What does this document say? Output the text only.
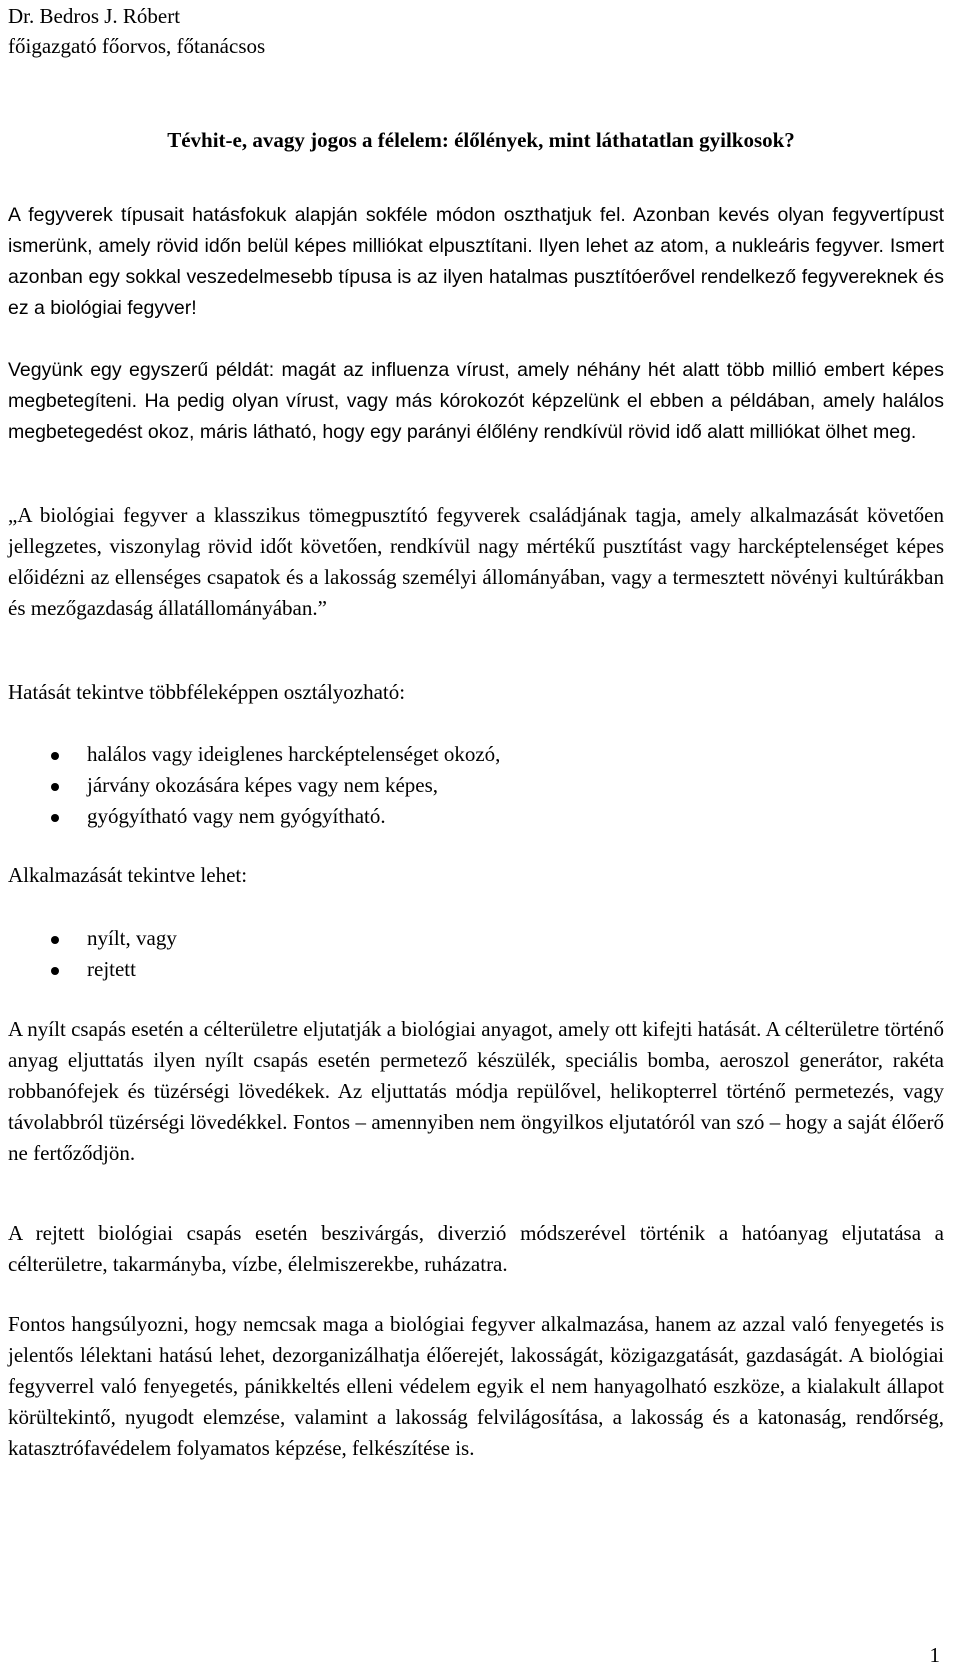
Dr. Bedros J. Róbert
főigazgató főorvos, főtanácsos
Tévhit-e, avagy jogos a félelem: élőlények, mint láthatatlan gyilkosok?

A fegyverek típusait hatásfokuk alapján sokféle módon oszthatjuk fel. Azonban kevés olyan fegyvertípust ismerünk, amely rövid időn belül képes milliókat elpusztítani. Ilyen lehet az atom, a nukleáris fegyver. Ismert azonban egy sokkal veszedelmesebb típusa is az ilyen hatalmas pusztítóerővel rendelkező fegyvereknek és ez a biológiai fegyver!

Vegyünk egy egyszerű példát: magát az influenza vírust, amely néhány hét alatt több millió embert képes megbetegíteni. Ha pedig olyan vírust, vagy más kórokozót képzelünk el ebben a példában, amely halálos megbetegedést okoz, máris látható, hogy egy parányi élőlény rendkívül rövid idő alatt milliókat ölhet meg.

„A biológiai fegyver a klasszikus tömegpusztító fegyverek családjának tagja, amely alkalmazását követően jellegzetes, viszonylag rövid időt követően, rendkívül nagy mértékű pusztítást vagy harcképtelenséget képes előidézni az ellenséges csapatok és a lakosság személyi állományában, vagy a termesztett növényi kultúrákban és mezőgazdaság állatállományában.”

Hatását tekintve többféleképpen osztályozható:

halálos vagy ideiglenes harcképtelenséget okozó,
járvány okozására képes vagy nem képes,
gyógyítható vagy nem gyógyítható.

Alkalmazását tekintve lehet:

nyílt, vagy
rejtett

A nyílt csapás esetén a célterületre eljutatják a biológiai anyagot, amely ott kifejti hatását. A célterületre történő anyag eljuttatás ilyen nyílt csapás esetén permetező készülék, speciális bomba, aeroszol generátor, rakéta robbanófejek és tüzérségi lövedékek. Az eljuttatás módja repülővel, helikopterrel történő permetezés, vagy távolabbról tüzérségi lövedékkel. Fontos – amennyiben nem öngyilkos eljutatóról van szó – hogy a saját élőerő ne fertőződjön.

A rejtett biológiai csapás esetén beszivárgás, diverzió módszerével történik a hatóanyag eljutatása a célterületre, takarmányba, vízbe, élelmiszerekbe, ruházatra.

Fontos hangsúlyozni, hogy nemcsak maga a biológiai fegyver alkalmazása, hanem az azzal való fenyegetés is jelentős lélektani hatású lehet, dezorganizálhatja élőerejét, lakosságát, közigazgatását, gazdaságát. A biológiai fegyverrel való fenyegetés, pánikkeltés elleni védelem egyik el nem hanyagolható eszköze, a kialakult állapot körültekintő, nyugodt elemzése, valamint a lakosság felvilágosítása, a lakosság és a katonaság, rendőrség, katasztrófavédelem folyamatos képzése, felkészítése is.

1
